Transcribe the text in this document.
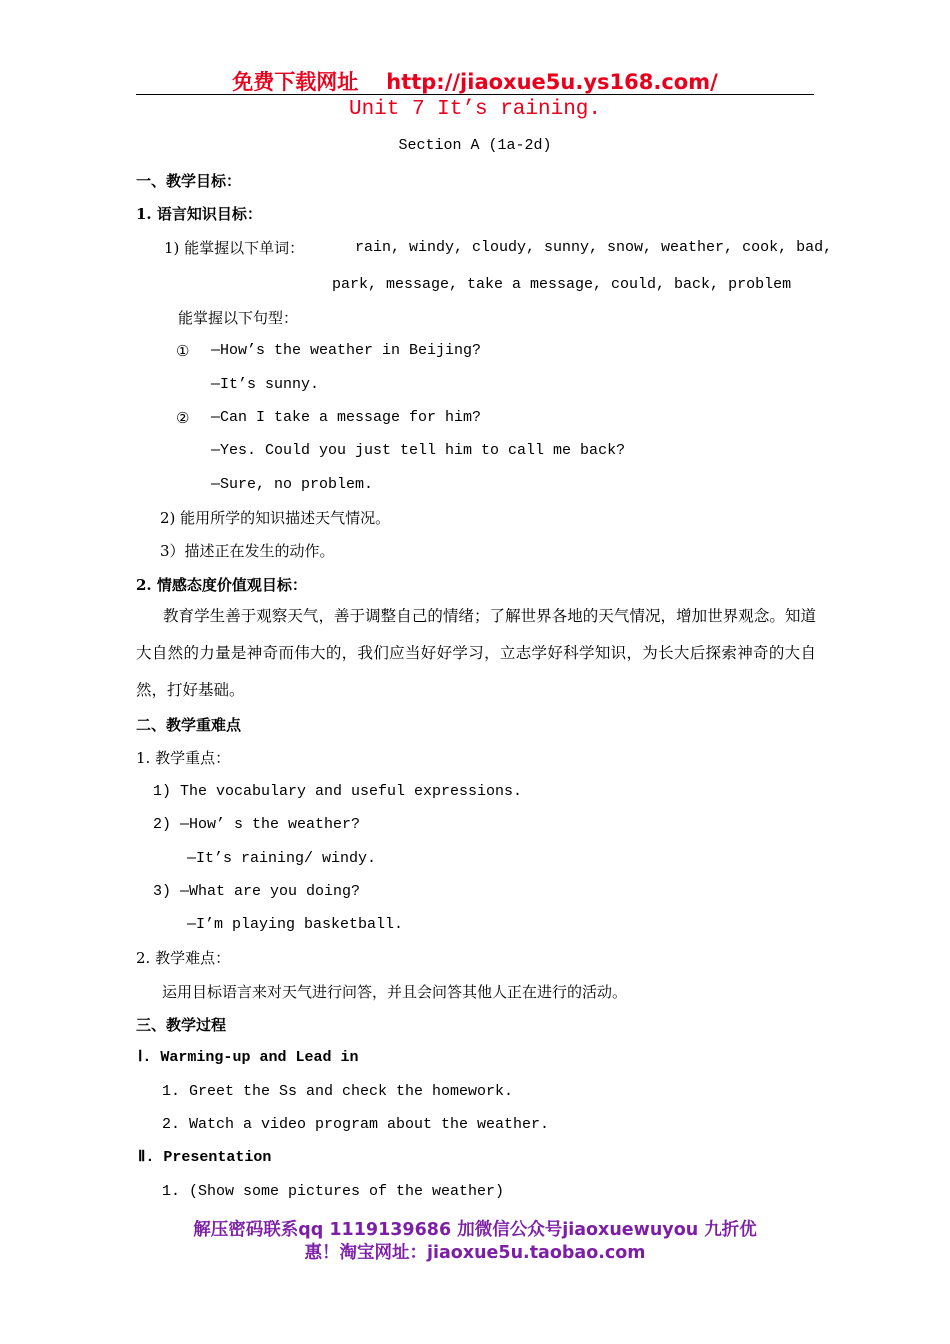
免费下载网址 http://jiaoxue5u.ys168.com/
Unit 7 It’s raining.
Section A (1a-2d)
一、教学目标：
1. 语言知识目标：
1) 能掌握以下单词：	rain, windy, cloudy, sunny, snow, weather, cook, bad,
park, message, take a message, could, back, problem
能掌握以下句型：
① —How’s the weather in Beijing?
—It’s sunny.
② —Can I take a message for him?
—Yes. Could you just tell him to call me back?
—Sure, no problem.
2) 能用所学的知识描述天气情况。
3）描述正在发生的动作。
2. 情感态度价值观目标：
教育学生善于观察天气，善于调整自己的情绪；了解世界各地的天气情况，增加世界观念。知道大自然的力量是神奇而伟大的，我们应当好好学习，立志学好科学知识，为长大后探索神奇的大自然，打好基础。
二、教学重难点
1. 教学重点：
1) The vocabulary and useful expressions.
2) —How’ s the weather?
—It’s raining/ windy.
3) —What are you doing?
—I’m playing basketball.
2. 教学难点：
运用目标语言来对天气进行问答，并且会问答其他人正在进行的活动。
三、教学过程
Ⅰ. Warming-up and Lead in
1. Greet the Ss and check the homework.
2. Watch a video program about the weather.
Ⅱ. Presentation
1. (Show some pictures of the weather)
解压密码联系qq 1119139686 加微信公众号jiaoxuewuyou 九折优
惠！淘宝网址：jiaoxue5u.taobao.com
